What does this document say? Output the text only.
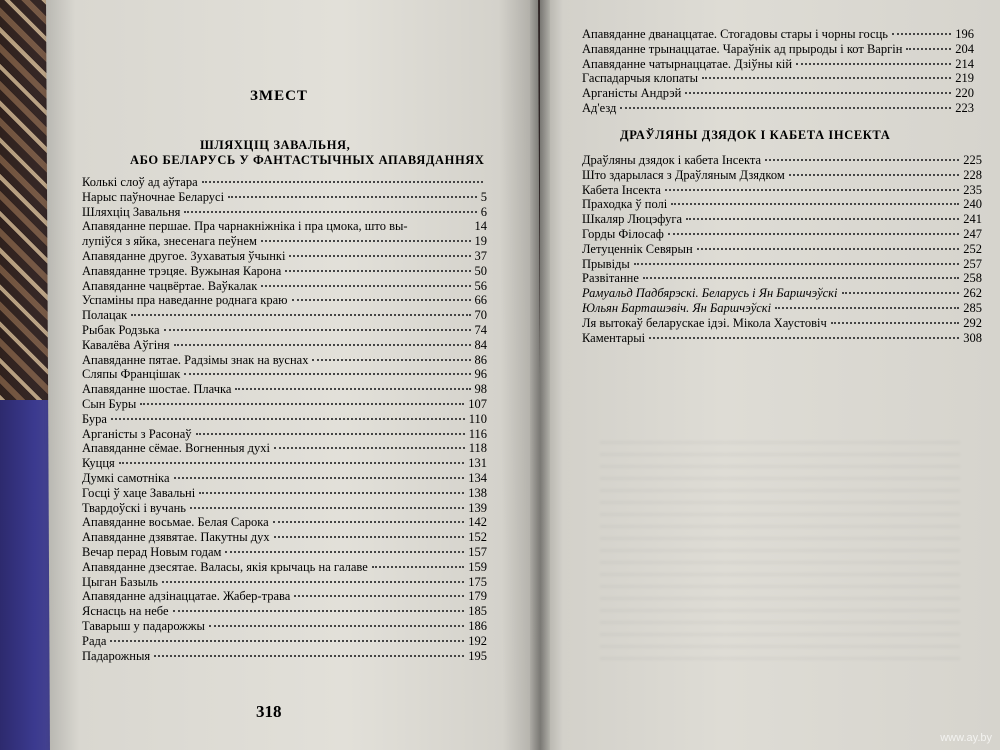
ЗМЕСТ
ШЛЯХЦІЦ ЗАВАЛЬНЯ,
АБО БЕЛАРУСЬ У ФАНТАСТЫЧНЫХ АПАВЯДАННЯХ
Колькі слоў ад аўтара
Нарыс паўночнае Беларусі	5
Шляхціц Завальня	6
Апавяданне першае. Пра чарнакніжніка і пра цмока, што вы-	14
лупіўся з яйка, знесенага пеўнем	19
Апавяданне другое. Зухаватыя ўчынкі	37
Апавяданне трэцяе. Вужыная Карона	50
Апавяданне чацвёртае. Ваўкалак	56
Успаміны пра наведанне роднага краю	66
Полацак	70
Рыбак Родзька	74
Кавалёва Аўгіня	84
Апавяданне пятае. Радзімы знак на вуснах	86
Сляпы Францішак	96
Апавяданне шостае. Плачка	98
Сын Буры	107
Бура	110
Арганісты з Расонаў	116
Апавяданне сёмае. Вогненныя духі	118
Куцця	131
Думкі самотніка	134
Госці ў хаце Завальні	138
Твардоўскі і вучань	139
Апавяданне восьмае. Белая Сарока	142
Апавяданне дзявятае. Пакутны дух	152
Вечар перад Новым годам	157
Апавяданне дзесятае. Валасы, якія крычаць на галаве	159
Цыган Базыль	175
Апавяданне адзінаццатае. Жабер-трава	179
Яснасць на небе	185
Таварыш у падарожжы	186
Рада	192
Падарожныя	195
318
Апавяданне дванаццатае. Стогадовы стары і чорны госць	196
Апавяданне трынаццатае. Чараўнік ад прыроды і кот Варгін	204
Апавяданне чатырнаццатае. Дзіўны кій	214
Гаспадарчыя клопаты	219
Арганісты Андрэй	220
Ад'езд	223
ДРАЎЛЯНЫ ДЗЯДОК І КАБЕТА ІНСЕКТА
Драўляны дзядок і кабета Інсекта	225
Што здарылася з Драўляным Дзядком	228
Кабета Інсекта	235
Праходка ў полі	240
Шкаляр Люцэфуга	241
Горды Філосаф	247
Летуценнік Севярын	252
Прывіды	257
Развітанне	258
Рамуальд Падбярэскі. Беларусь і Ян Баршчэўскі	262
Юльян Барташэвіч. Ян Баршчэўскі	285
Ля вытокаў беларускае ідэі. Мікола Хаустовіч	292
Каментарыі	308
www.ay.by
